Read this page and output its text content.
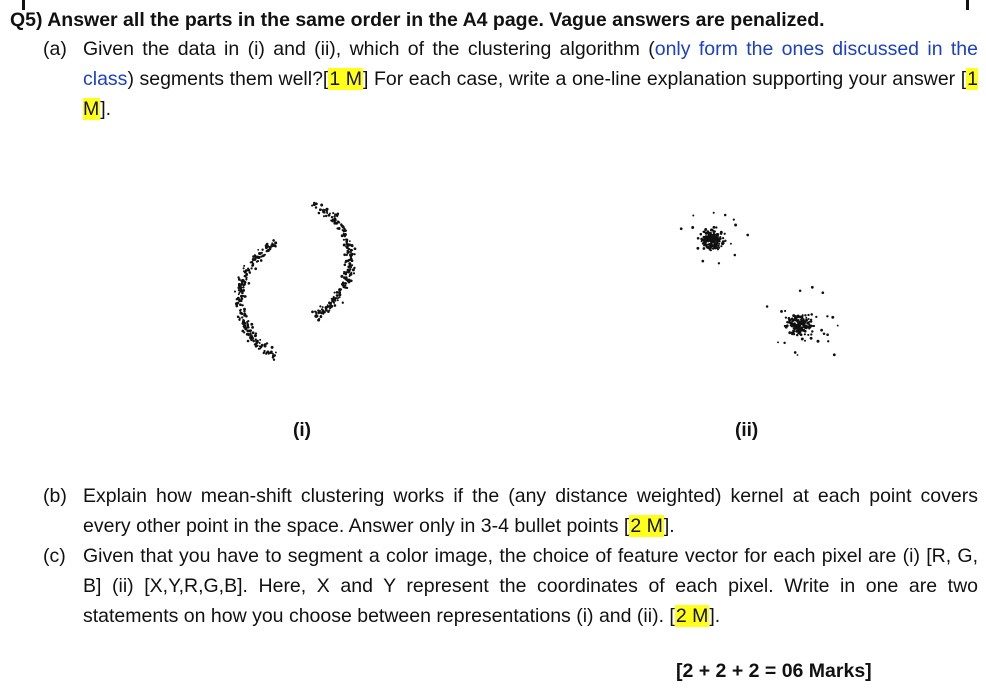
Q5) Answer all the parts in the same order in the A4 page. Vague answers are penalized.
(a) Given the data in (i) and (ii), which of the clustering algorithm (only form the ones discussed in the class) segments them well?[1 M] For each case, write a one-line explanation supporting your answer [1 M].
(i)	(ii)
(b) Explain how mean-shift clustering works if the (any distance weighted) kernel at each point covers every other point in the space. Answer only in 3-4 bullet points [2 M].
(c) Given that you have to segment a color image, the choice of feature vector for each pixel are (i) [R, G, B] (ii) [X,Y,R,G,B]. Here, X and Y represent the coordinates of each pixel. Write in one are two statements on how you choose between representations (i) and (ii). [2 M].
[2 + 2 + 2 = 06 Marks]
